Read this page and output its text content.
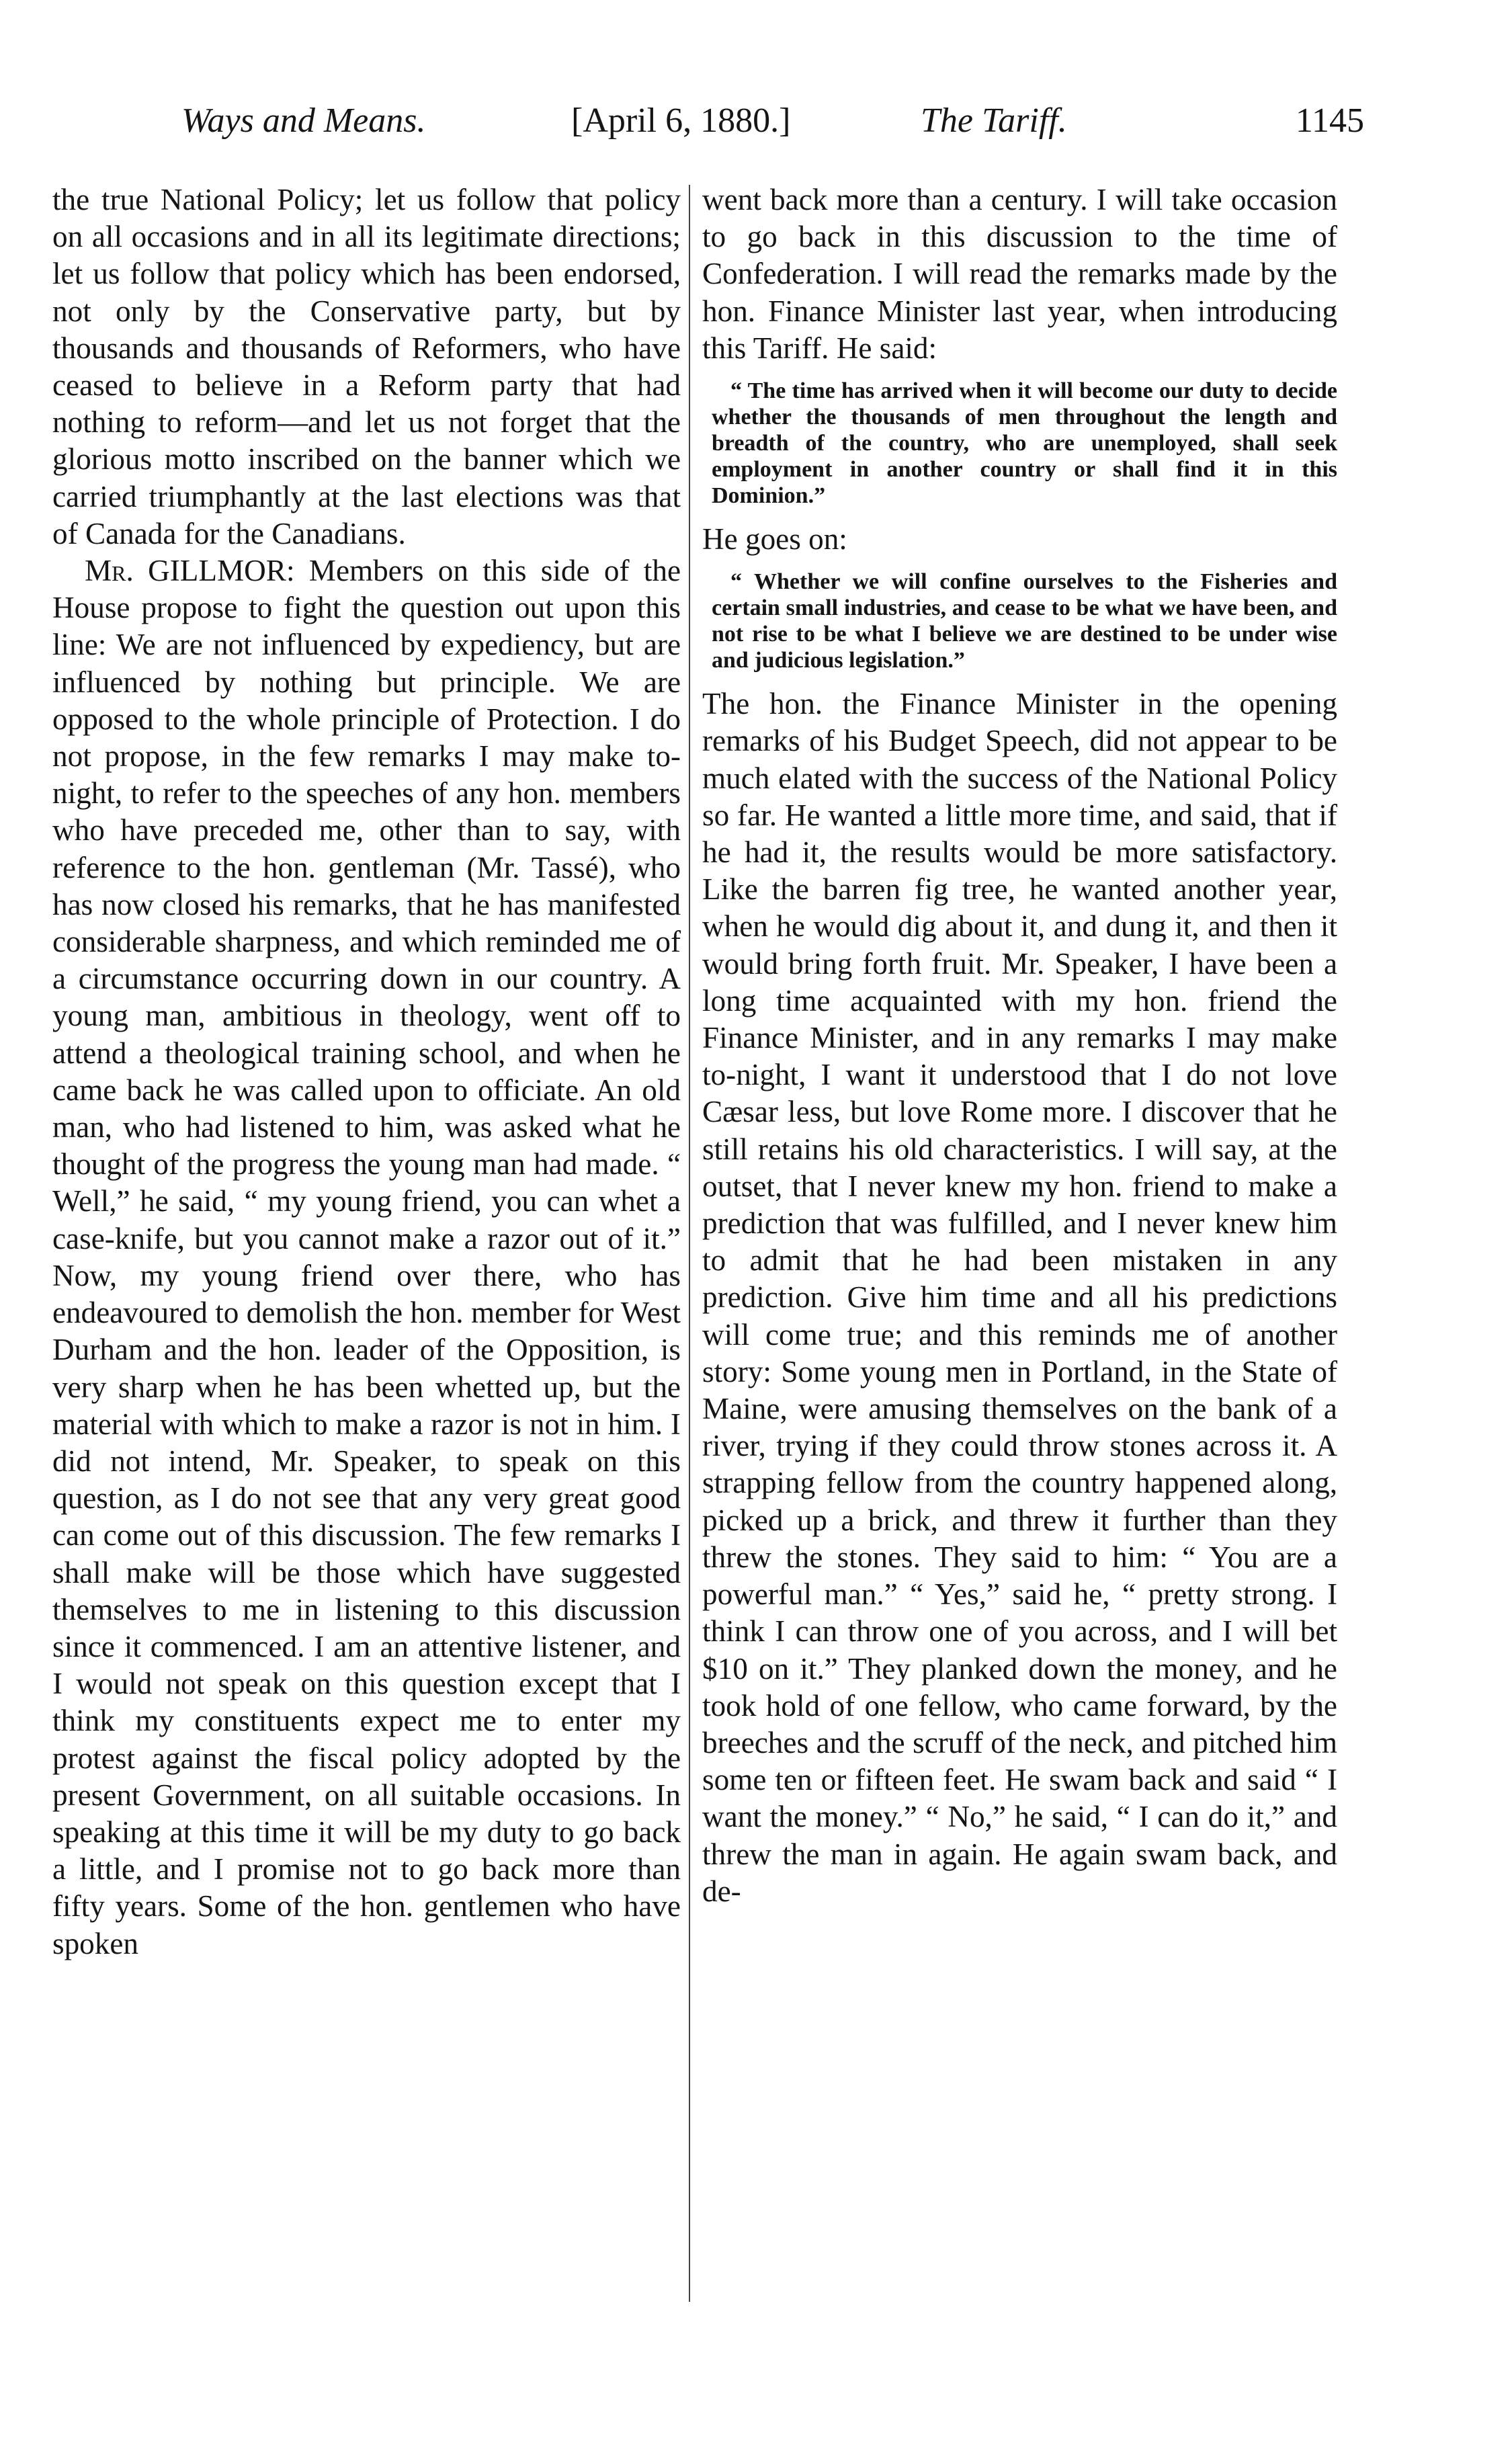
Ways and Means.	[April 6, 1880.]	The Tariff.	1145

the true National Policy; let us follow that policy on all occasions and in all its legitimate directions; let us follow that policy which has been endorsed, not only by the Conservative party, but by thousands and thousands of Reformers, who have ceased to believe in a Reform party that had nothing to reform—and let us not forget that the glorious motto inscribed on the banner which we carried triumphantly at the last elections was that of Canada for the Canadians.

Mr. GILLMOR: Members on this side of the House propose to fight the question out upon this line: We are not influenced by expediency, but are influenced by nothing but principle. We are opposed to the whole principle of Protection. I do not propose, in the few remarks I may make to-night, to refer to the speeches of any hon. members who have preceded me, other than to say, with reference to the hon. gentleman (Mr. Tassé), who has now closed his remarks, that he has manifested considerable sharpness, and which reminded me of a circumstance occurring down in our country. A young man, ambitious in theology, went off to attend a theological training school, and when he came back he was called upon to officiate. An old man, who had listened to him, was asked what he thought of the progress the young man had made. “ Well,” he said, “ my young friend, you can whet a case-knife, but you cannot make a razor out of it.” Now, my young friend over there, who has endeavoured to demolish the hon. member for West Durham and the hon. leader of the Opposition, is very sharp when he has been whetted up, but the material with which to make a razor is not in him. I did not intend, Mr. Speaker, to speak on this question, as I do not see that any very great good can come out of this discussion. The few remarks I shall make will be those which have suggested themselves to me in listening to this discussion since it commenced. I am an attentive listener, and I would not speak on this question except that I think my constituents expect me to enter my protest against the fiscal policy adopted by the present Government, on all suitable occasions. In speaking at this time it will be my duty to go back a little, and I promise not to go back more than fifty years. Some of the hon. gentlemen who have spoken

went back more than a century. I will take occasion to go back in this discussion to the time of Confederation. I will read the remarks made by the hon. Finance Minister last year, when introducing this Tariff. He said:

“ The time has arrived when it will become our duty to decide whether the thousands of men throughout the length and breadth of the country, who are unemployed, shall seek employment in another country or shall find it in this Dominion.”

He goes on:

“ Whether we will confine ourselves to the Fisheries and certain small industries, and cease to be what we have been, and not rise to be what I believe we are destined to be under wise and judicious legislation.”

The hon. the Finance Minister in the opening remarks of his Budget Speech, did not appear to be much elated with the success of the National Policy so far. He wanted a little more time, and said, that if he had it, the results would be more satisfactory. Like the barren fig tree, he wanted another year, when he would dig about it, and dung it, and then it would bring forth fruit. Mr. Speaker, I have been a long time acquainted with my hon. friend the Finance Minister, and in any remarks I may make to-night, I want it understood that I do not love Cæsar less, but love Rome more. I discover that he still retains his old characteristics. I will say, at the outset, that I never knew my hon. friend to make a prediction that was fulfilled, and I never knew him to admit that he had been mistaken in any prediction. Give him time and all his predictions will come true; and this reminds me of another story: Some young men in Portland, in the State of Maine, were amusing themselves on the bank of a river, trying if they could throw stones across it. A strapping fellow from the country happened along, picked up a brick, and threw it further than they threw the stones. They said to him: “ You are a powerful man.” “ Yes,” said he, “ pretty strong. I think I can throw one of you across, and I will bet $10 on it.” They planked down the money, and he took hold of one fellow, who came forward, by the breeches and the scruff of the neck, and pitched him some ten or fifteen feet. He swam back and said “ I want the money.” “ No,” he said, “ I can do it,” and threw the man in again. He again swam back, and de-
